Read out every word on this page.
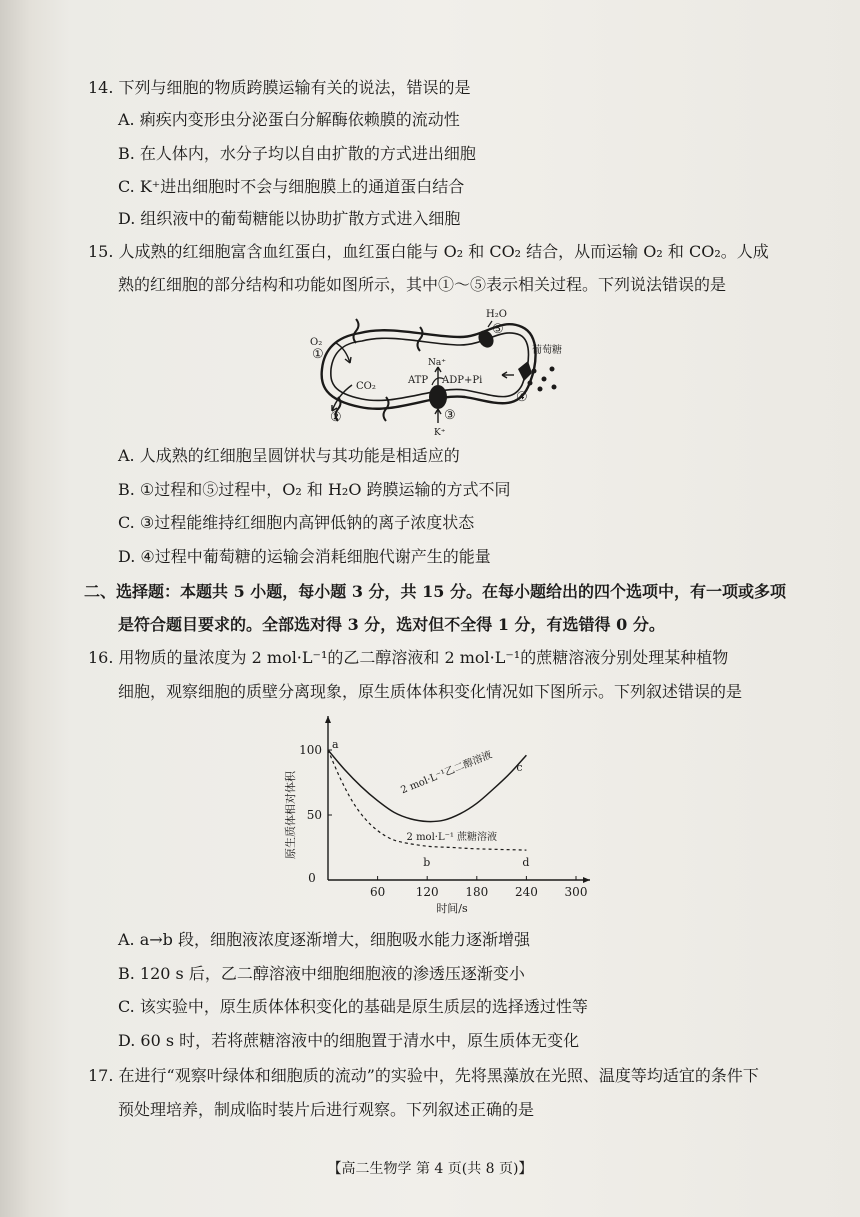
14. 下列与细胞的物质跨膜运输有关的说法，错误的是
A. 痢疾内变形虫分泌蛋白分解酶依赖膜的流动性
B. 在人体内，水分子均以自由扩散的方式进出细胞
C. K⁺进出细胞时不会与细胞膜上的通道蛋白结合
D. 组织液中的葡萄糖能以协助扩散方式进入细胞
15. 人成熟的红细胞富含血红蛋白，血红蛋白能与 O₂ 和 CO₂ 结合，从而运输 O₂ 和 CO₂。人成
熟的红细胞的部分结构和功能如图所示，其中①～⑤表示相关过程。下列说法错误的是
O₂
①
CO₂
②
Na⁺
ATP ADP+Pi
③
K⁺
H₂O
⑤
葡萄糖
④
A. 人成熟的红细胞呈圆饼状与其功能是相适应的
B. ①过程和⑤过程中，O₂ 和 H₂O 跨膜运输的方式不同
C. ③过程能维持红细胞内高钾低钠的离子浓度状态
D. ④过程中葡萄糖的运输会消耗细胞代谢产生的能量
二、选择题：本题共 5 小题，每小题 3 分，共 15 分。在每小题给出的四个选项中，有一项或多项
是符合题目要求的。全部选对得 3 分，选对但不全得 1 分，有选错得 0 分。
16. 用物质的量浓度为 2 mol·L⁻¹的乙二醇溶液和 2 mol·L⁻¹的蔗糖溶液分别处理某种植物
细胞，观察细胞的质壁分离现象，原生质体体积变化情况如下图所示。下列叙述错误的是
0
60	120 180 240 300
50
100
时间/s
原生质体相对体积	2 mol·L⁻¹乙二醇溶液
2 mol·L⁻¹ 蔗糖溶液
a
b
c
d
A. a→b 段，细胞液浓度逐渐增大，细胞吸水能力逐渐增强
B. 120 s 后，乙二醇溶液中细胞细胞液的渗透压逐渐变小
C. 该实验中，原生质体体积变化的基础是原生质层的选择透过性等
D. 60 s 时，若将蔗糖溶液中的细胞置于清水中，原生质体无变化
17. 在进行“观察叶绿体和细胞质的流动”的实验中，先将黑藻放在光照、温度等均适宜的条件下
预处理培养，制成临时装片后进行观察。下列叙述正确的是
【高二生物学 第 4 页(共 8 页)】
